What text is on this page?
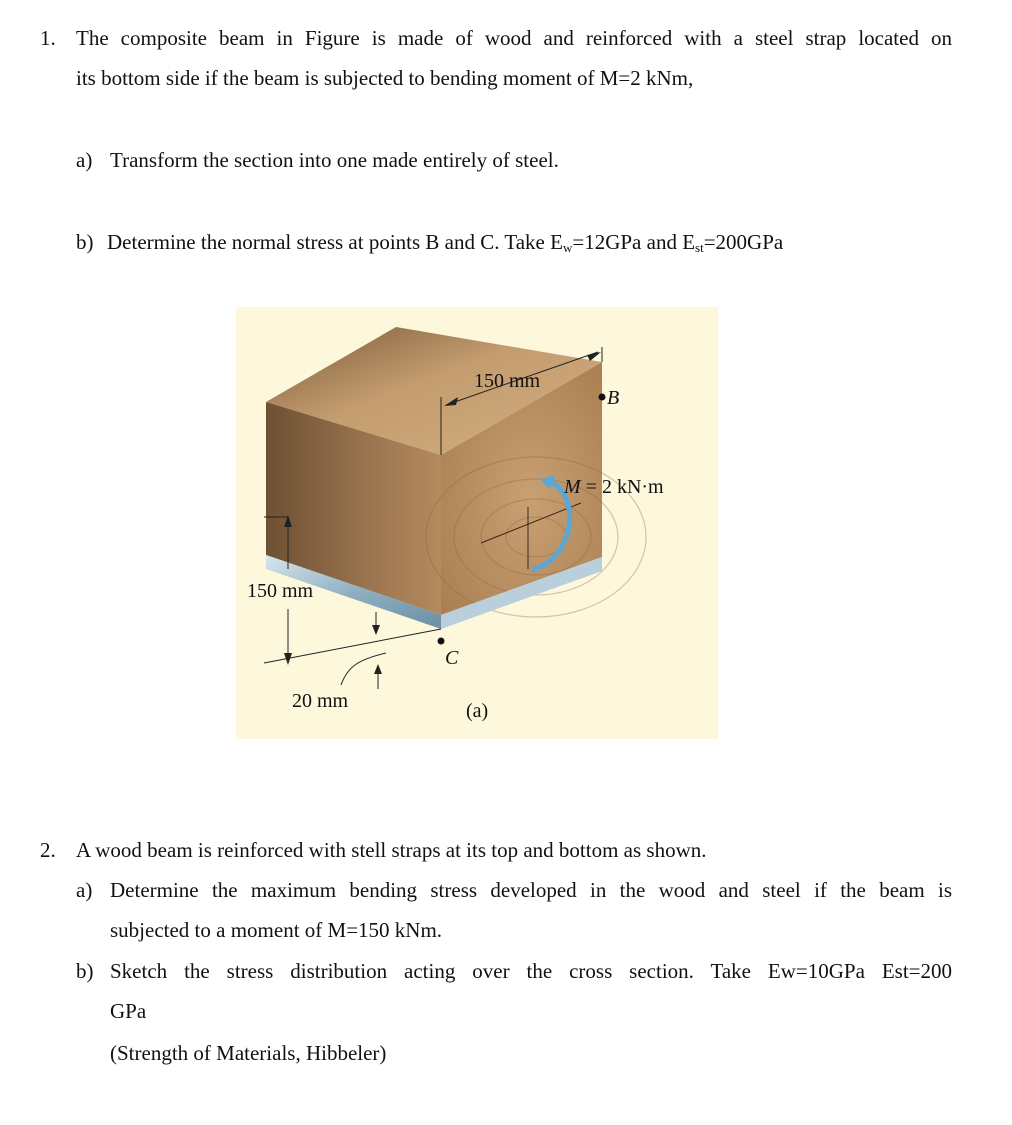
1. The composite beam in Figure is made of wood and reinforced with a steel strap located on
its bottom side if the beam is subjected to bending moment of M=2 kNm,
a) Transform the section into one made entirely of steel.
b) Determine the normal stress at points B and C. Take $E_w=12GPa$ and $E_{st}=200GPa$
150 mm
B
M = 2 kN·m
150 mm
20 mm
C
(a)
2. A wood beam is reinforced with stell straps at its top and bottom as shown.
a) Determine the maximum bending stress developed in the wood and steel if the beam is
subjected to a moment of M=150 kNm.
b) Sketch the stress distribution acting over the cross section. Take Ew=10GPa Est=200
GPa
(Strength of Materials, Hibbeler)
